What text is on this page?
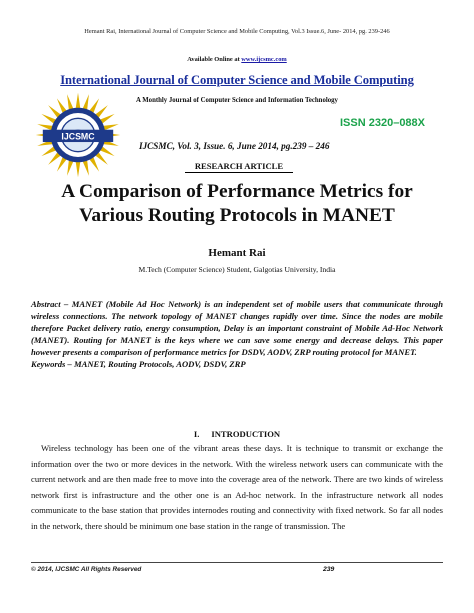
Hemant Rai, International Journal of Computer Science and Mobile Computing, Vol.3 Issue.6, June- 2014, pg. 239-246
Available Online at www.ijcsmc.com
International Journal of Computer Science and Mobile Computing
A Monthly Journal of Computer Science and Information Technology
IJCSMC
ISSN 2320–088X
IJCSMC, Vol. 3, Issue. 6, June 2014, pg.239 – 246
RESEARCH ARTICLE
A Comparison of Performance Metrics for
Various Routing Protocols in MANET
Hemant Rai
M.Tech (Computer Science) Student, Galgotias University, India
Abstract – MANET (Mobile Ad Hoc Network) is an independent set of mobile users that communicate through wireless connections. The network topology of MANET changes rapidly over time. Since the nodes are mobile therefore Packet delivery ratio, energy consumption, Delay is an important constraint of Mobile Ad-Hoc Network (MANET). Routing for MANET is the keys where we can save some energy and decrease delays. This paper however presents a comparison of performance metrics for DSDV, AODV, ZRP routing protocol for MANET.
Keywords – MANET, Routing Protocols, AODV, DSDV, ZRP
I. INTRODUCTION

Wireless technology has been one of the vibrant areas these days. It is technique to transmit or exchange the information over the two or more devices in the network. With the wireless network users can communicate with the current network and are then made free to move into the coverage area of the network. There are two kinds of wireless network first is infrastructure and the other one is an Ad-hoc network. In the infrastructure network all nodes communicate to the base station that provides internodes routing and connectivity with fixed network. So far all nodes in the network, there should be minimum one base station in the range of transmission. The

© 2014, IJCSMC All Rights Reserved	239
